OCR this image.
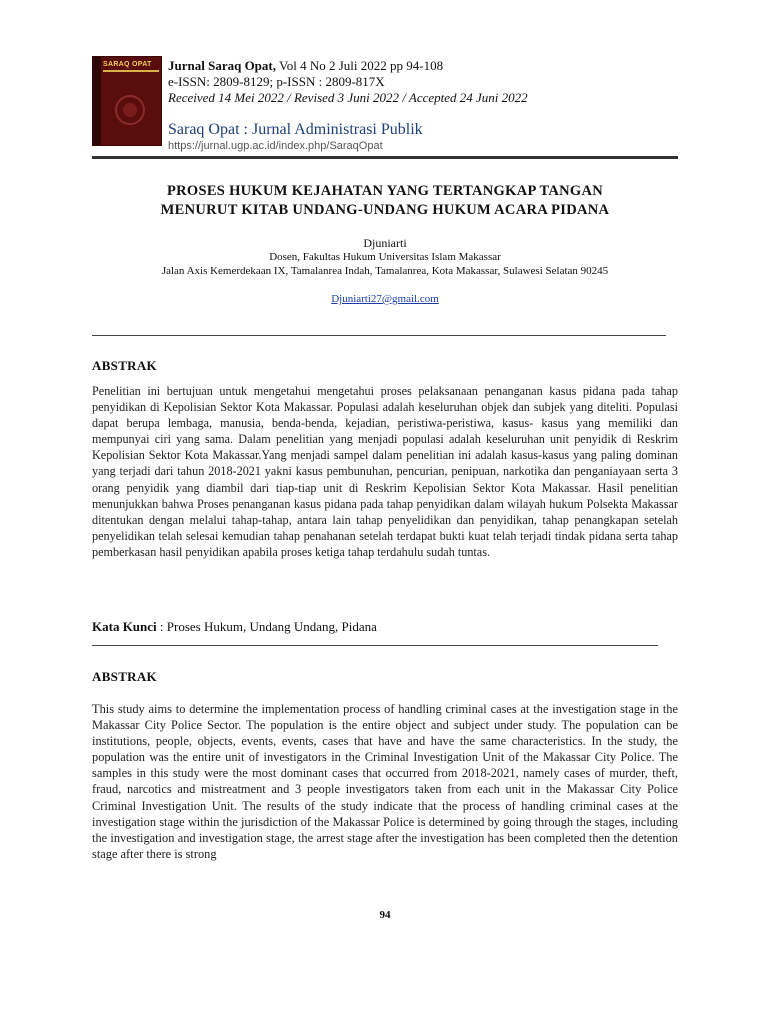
SARAQ OPAT Jurnal Saraq Opat, Vol 4 No 2 Juli 2022 pp 94-108
e-ISSN: 2809-8129; p-ISSN : 2809-817X
Received 14 Mei 2022 / Revised 3 Juni 2022 / Accepted 24 Juni 2022
Saraq Opat : Jurnal Administrasi Publik
https://jurnal.ugp.ac.id/index.php/SaraqOpat
PROSES HUKUM KEJAHATAN YANG TERTANGKAP TANGAN
MENURUT KITAB UNDANG-UNDANG HUKUM ACARA PIDANA
Djuniarti
Dosen, Fakultas Hukum Universitas Islam Makassar
Jalan Axis Kemerdekaan IX, Tamalanrea Indah, Tamalanrea, Kota Makassar, Sulawesi Selatan 90245
Djuniarti27@gmail.com
ABSTRAK
Penelitian ini bertujuan untuk mengetahui mengetahui proses pelaksanaan penanganan kasus pidana pada tahap penyidikan di Kepolisian Sektor Kota Makassar. Populasi adalah keseluruhan objek dan subjek yang diteliti. Populasi dapat berupa lembaga, manusia, benda-benda, kejadian, peristiwa-peristiwa, kasus- kasus yang memiliki dan mempunyai ciri yang sama. Dalam penelitian yang menjadi populasi adalah keseluruhan unit penyidik di Reskrim Kepolisian Sektor Kota Makassar.Yang menjadi sampel dalam penelitian ini adalah kasus-kasus yang paling dominan yang terjadi dari tahun 2018-2021 yakni kasus pembunuhan, pencurian, penipuan, narkotika dan penganiayaan serta 3 orang penyidik yang diambil dari tiap-tiap unit di Reskrim Kepolisian Sektor Kota Makassar. Hasil penelitian menunjukkan bahwa Proses penanganan kasus pidana pada tahap penyidikan dalam wilayah hukum Polsekta Makassar ditentukan dengan melalui tahap-tahap, antara lain tahap penyelidikan dan penyidikan, tahap penangkapan setelah penyelidikan telah selesai kemudian tahap penahanan setelah terdapat bukti kuat telah terjadi tindak pidana serta tahap pemberkasan hasil penyidikan apabila proses ketiga tahap terdahulu sudah tuntas.
Kata Kunci : Proses Hukum, Undang Undang, Pidana
ABSTRAK
This study aims to determine the implementation process of handling criminal cases at the investigation stage in the Makassar City Police Sector. The population is the entire object and subject under study. The population can be institutions, people, objects, events, events, cases that have and have the same characteristics. In the study, the population was the entire unit of investigators in the Criminal Investigation Unit of the Makassar City Police. The samples in this study were the most dominant cases that occurred from 2018-2021, namely cases of murder, theft, fraud, narcotics and mistreatment and 3 people investigators taken from each unit in the Makassar City Police Criminal Investigation Unit. The results of the study indicate that the process of handling criminal cases at the investigation stage within the jurisdiction of the Makassar Police is determined by going through the stages, including the investigation and investigation stage, the arrest stage after the investigation has been completed then the detention stage after there is strong
94
